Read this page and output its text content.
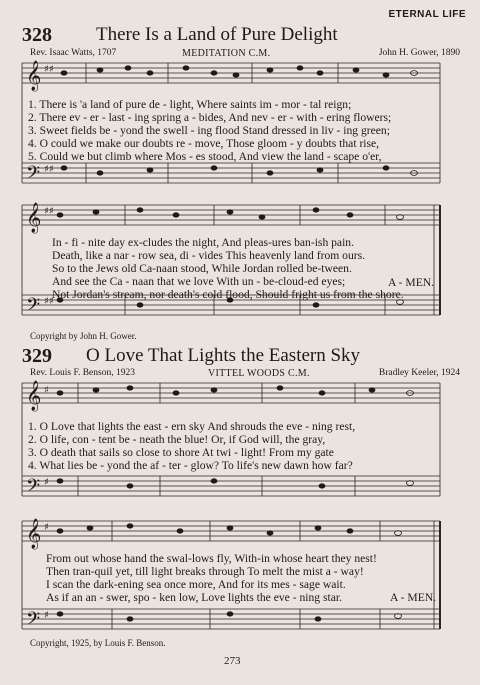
ETERNAL LIFE
328 There Is a Land of Pure Delight
Rev. Isaac Watts, 1707	MEDITATION C.M.	John H. Gower, 1890
𝄞
𝄢
𝄞
𝄢
𝄞
𝄢
𝄞
𝄢
♯♯
♯♯
♯♯
♯♯
♯
♯
♯
♯
1. There is 'a land of pure de - light, Where saints im - mor - tal reign;
2. There ev - er - last - ing spring a - bides, And nev - er - with - ering flowers;
3. Sweet fields be - yond the swell - ing flood Stand dressed in liv - ing green;
4. O could we make our doubts re - move, Those gloom - y doubts that rise,
5. Could we but climb where Mos - es stood, And view the land - scape o'er,
In - fi - nite day ex-cludes the night, And pleas-ures ban-ish pain.
Death, like a nar - row sea, di - vides This heavenly land from ours.
So to the Jews old Ca-naan stood, While Jordan rolled be-tween.
And see the Ca - naan that we love With un - be-cloud-ed eyes;
Not Jordan's stream, nor death's cold flood, Should fright us from the shore.
A - MEN.
Copyright by John H. Gower.
329 O Love That Lights the Eastern Sky
Rev. Louis F. Benson, 1923	VITTEL WOODS C.M.	Bradley Keeler, 1924
1. O Love that lights the east - ern sky And shrouds the eve - ning rest,
2. O life, con - tent be - neath the blue! Or, if God will, the gray,
3. O death that sails so close to shore At twi - light! From my gate
4. What lies be - yond the af - ter - glow? To life's new dawn how far?
From out whose hand the swal-lows fly, With-in whose heart they nest!
Then tran-quil yet, till light breaks through To melt the mist a - way!
I scan the dark-ening sea once more, And for its mes - sage wait.
As if an an - swer, spo - ken low, Love lights the eve - ning star.	A - MEN.
Copyright, 1925, by Louis F. Benson.
273
